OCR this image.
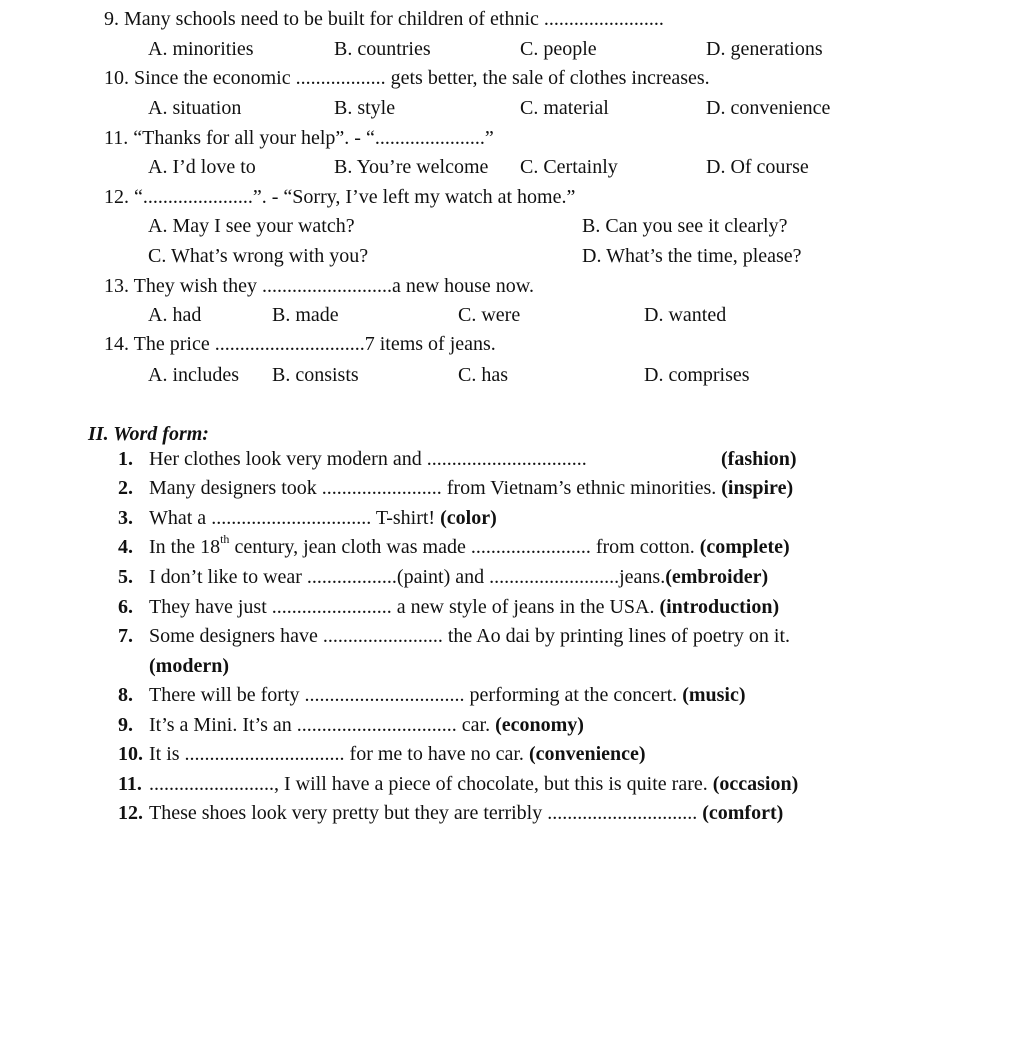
9. Many schools need to be built for children of ethnic ........................
A. minorities	B. countries	C. people	D. generations
10. Since the economic .................. gets better, the sale of clothes increases.
A. situation	B. style	C. material	D. convenience
11. “Thanks for all your help”. - “......................”
A. I’d love to	B. You’re welcome C. Certainly	D. Of course
12. “......................”. - “Sorry, I’ve left my watch at home.”
A. May I see your watch?	B. Can you see it clearly?
C. What’s wrong with you?	D. What’s the time, please?
13. They wish they ..........................a new house now.
A. had	B. made	C. were	D. wanted
14. The price ..............................7 items of jeans.
A. includes B. consists	C. has	D. comprises
II. Word form:
1. Her clothes look very modern and ................................	(fashion)
2. Many designers took ........................ from Vietnam’s ethnic minorities. (inspire)
3. What a ................................ T-shirt! (color)
4. In the 18th century, jean cloth was made ........................ from cotton. (complete)
5. I don’t like to wear ..................(paint) and ..........................jeans.(embroider)
6. They have just ........................ a new style of jeans in the USA. (introduction)
7. Some designers have ........................ the Ao dai by printing lines of poetry on it.
(modern)
8. There will be forty ................................ performing at the concert. (music)
9. It’s a Mini. It’s an ................................ car. (economy)
10. It is ................................ for me to have no car. (convenience)
11. ........................., I will have a piece of chocolate, but this is quite rare. (occasion)
12. These shoes look very pretty but they are terribly .............................. (comfort)
